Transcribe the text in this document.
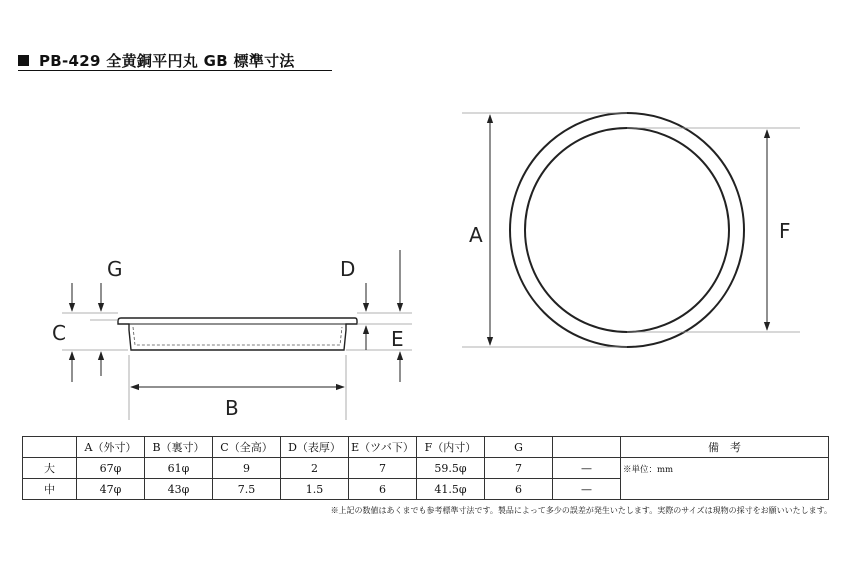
PB-429 全黄銅平円丸 GB 標準寸法
C
G
B
D
E
A	F
	A（外寸）	B（裏寸）	C（全高）	D（表厚）	E（ツバ下）	F（内寸）	G		備　考
大	67φ	61φ	9	2	7	59.5φ	7	—	※単位：mm
中	47φ	43φ	7.5	1.5	6	41.5φ	6	—	
※上記の数値はあくまでも参考標準寸法です。製品によって多少の誤差が発生いたします。実際のサイズは現物の採寸をお願いいたします。
